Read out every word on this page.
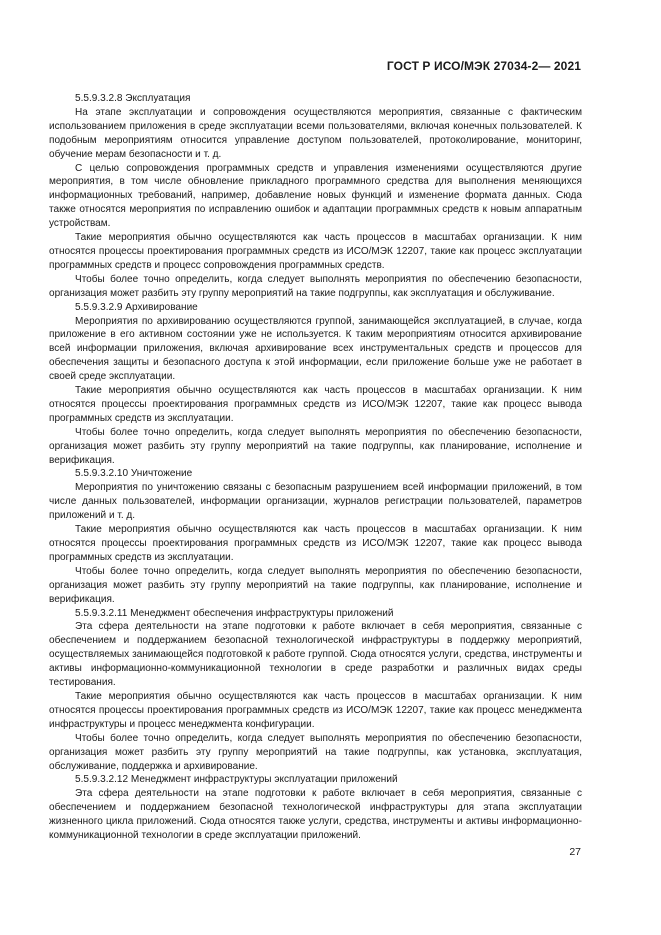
ГОСТ Р ИСО/МЭК 27034-2— 2021

5.5.9.3.2.8 Эксплуатация

На этапе эксплуатации и сопровождения осуществляются мероприятия, связанные с фактическим использованием приложения в среде эксплуатации всеми пользователями, включая конечных пользователей. К подобным мероприятиям относится управление доступом пользователей, протоколирование, мониторинг, обучение мерам безопасности и т. д.

С целью сопровождения программных средств и управления изменениями осуществляются другие мероприятия, в том числе обновление прикладного программного средства для выполнения меняющихся информационных требований, например, добавление новых функций и изменение формата данных. Сюда также относятся мероприятия по исправлению ошибок и адаптации программных средств к новым аппаратным устройствам.

Такие мероприятия обычно осуществляются как часть процессов в масштабах организации. К ним относятся процессы проектирования программных средств из ИСО/МЭК 12207, такие как процесс эксплуатации программных средств и процесс сопровождения программных средств.

Чтобы более точно определить, когда следует выполнять мероприятия по обеспечению безопасности, организация может разбить эту группу мероприятий на такие подгруппы, как эксплуатация и обслуживание.

5.5.9.3.2.9 Архивирование

Мероприятия по архивированию осуществляются группой, занимающейся эксплуатацией, в случае, когда приложение в его активном состоянии уже не используется. К таким мероприятиям относится архивирование всей информации приложения, включая архивирование всех инструментальных средств и процессов для обеспечения защиты и безопасного доступа к этой информации, если приложение больше уже не работает в своей среде эксплуатации.

Такие мероприятия обычно осуществляются как часть процессов в масштабах организации. К ним относятся процессы проектирования программных средств из ИСО/МЭК 12207, такие как процесс вывода программных средств из эксплуатации.

Чтобы более точно определить, когда следует выполнять мероприятия по обеспечению безопасности, организация может разбить эту группу мероприятий на такие подгруппы, как планирование, исполнение и верификация.

5.5.9.3.2.10 Уничтожение

Мероприятия по уничтожению связаны с безопасным разрушением всей информации приложений, в том числе данных пользователей, информации организации, журналов регистрации пользователей, параметров приложений и т. д.

Такие мероприятия обычно осуществляются как часть процессов в масштабах организации. К ним относятся процессы проектирования программных средств из ИСО/МЭК 12207, такие как процесс вывода программных средств из эксплуатации.

Чтобы более точно определить, когда следует выполнять мероприятия по обеспечению безопасности, организация может разбить эту группу мероприятий на такие подгруппы, как планирование, исполнение и верификация.

5.5.9.3.2.11 Менеджмент обеспечения инфраструктуры приложений

Эта сфера деятельности на этапе подготовки к работе включает в себя мероприятия, связанные с обеспечением и поддержанием безопасной технологической инфраструктуры в поддержку мероприятий, осуществляемых занимающейся подготовкой к работе группой. Сюда относятся услуги, средства, инструменты и активы информационно-коммуникационной технологии в среде разработки и различных видах среды тестирования.

Такие мероприятия обычно осуществляются как часть процессов в масштабах организации. К ним относятся процессы проектирования программных средств из ИСО/МЭК 12207, такие как процесс менеджмента инфраструктуры и процесс менеджмента конфигурации.

Чтобы более точно определить, когда следует выполнять мероприятия по обеспечению безопасности, организация может разбить эту группу мероприятий на такие подгруппы, как установка, эксплуатация, обслуживание, поддержка и архивирование.

5.5.9.3.2.12 Менеджмент инфраструктуры эксплуатации приложений

Эта сфера деятельности на этапе подготовки к работе включает в себя мероприятия, связанные с обеспечением и поддержанием безопасной технологической инфраструктуры для этапа эксплуатации жизненного цикла приложений. Сюда относятся также услуги, средства, инструменты и активы информационно-коммуникационной технологии в среде эксплуатации приложений.

27
